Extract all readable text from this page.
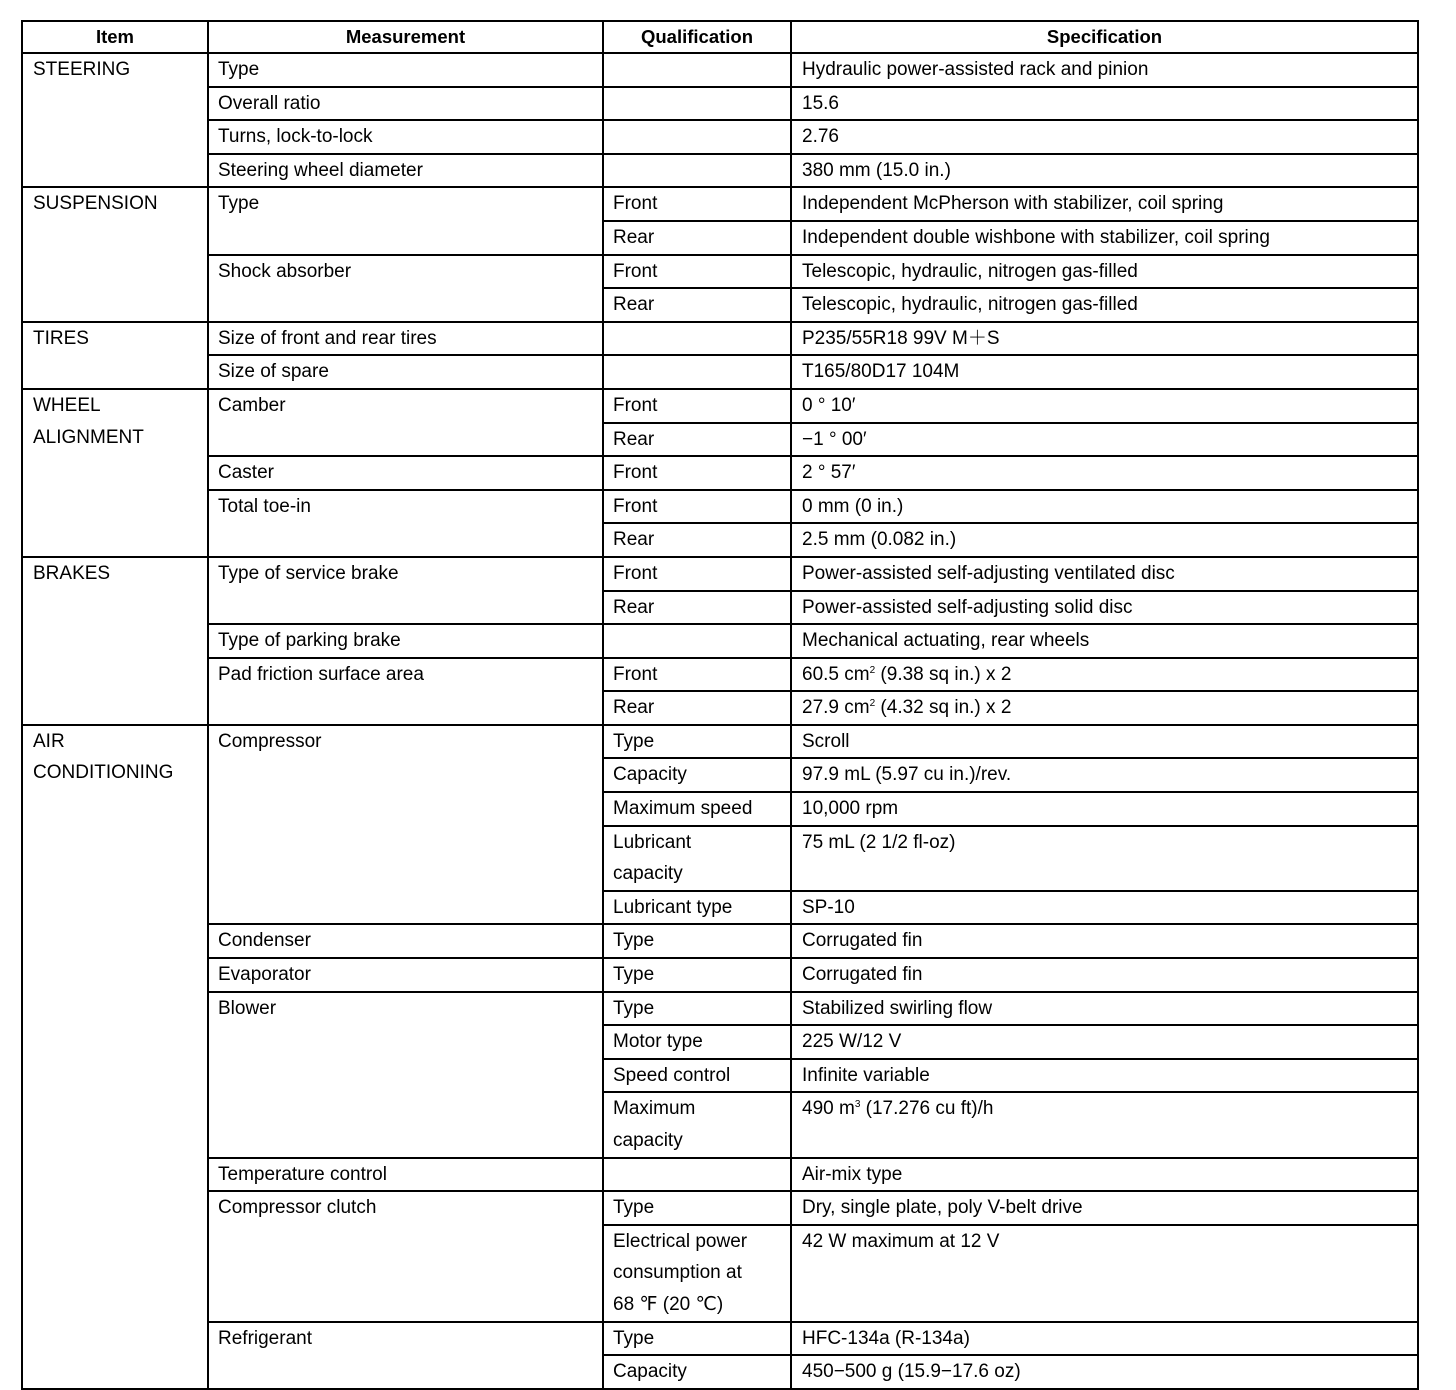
Item	Measurement	Qualification	Specification
STEERING	Type		Hydraulic power-assisted rack and pinion
	Overall ratio		15.6
	Turns, lock-to-lock		2.76
	Steering wheel diameter		380 mm (15.0 in.)
SUSPENSION	Type	Front	Independent McPherson with stabilizer, coil spring
		Rear	Independent double wishbone with stabilizer, coil spring
	Shock absorber	Front	Telescopic, hydraulic, nitrogen gas-filled
		Rear	Telescopic, hydraulic, nitrogen gas-filled
TIRES	Size of front and rear tires		P235/55R18 99V M＋S
	Size of spare		T165/80D17 104M
WHEEL
ALIGNMENT	Camber	Front	0 ° 10′
		Rear	−1 ° 00′
	Caster	Front	2 ° 57′
	Total toe-in	Front	0 mm (0 in.)
		Rear	2.5 mm (0.082 in.)
BRAKES	Type of service brake	Front	Power-assisted self-adjusting ventilated disc
		Rear	Power-assisted self-adjusting solid disc
	Type of parking brake		Mechanical actuating, rear wheels
	Pad friction surface area	Front	60.5 $cm^2$ (9.38 sq in.) x 2
		Rear	27.9 $cm^2$ (4.32 sq in.) x 2
AIR
CONDITIONING	Compressor	Type	Scroll
		Capacity	97.9 mL (5.97 cu in.)/rev.
		Maximum speed	10,000 rpm
		Lubricant
capacity	75 mL (2 1/2 fl-oz)
		Lubricant type	SP-10
	Condenser	Type	Corrugated fin
	Evaporator	Type	Corrugated fin
	Blower	Type	Stabilized swirling flow
		Motor type	225 W/12 V
		Speed control	Infinite variable
		Maximum
capacity	490 $m^3$ (17.276 cu ft)/h
	Temperature control		Air-mix type
	Compressor clutch	Type	Dry, single plate, poly V-belt drive
		Electrical power
consumption at
68 ℉ (20 ℃)	42 W maximum at 12 V
	Refrigerant	Type	HFC-134a (R-134a)
		Capacity	450−500 g (15.9−17.6 oz)
